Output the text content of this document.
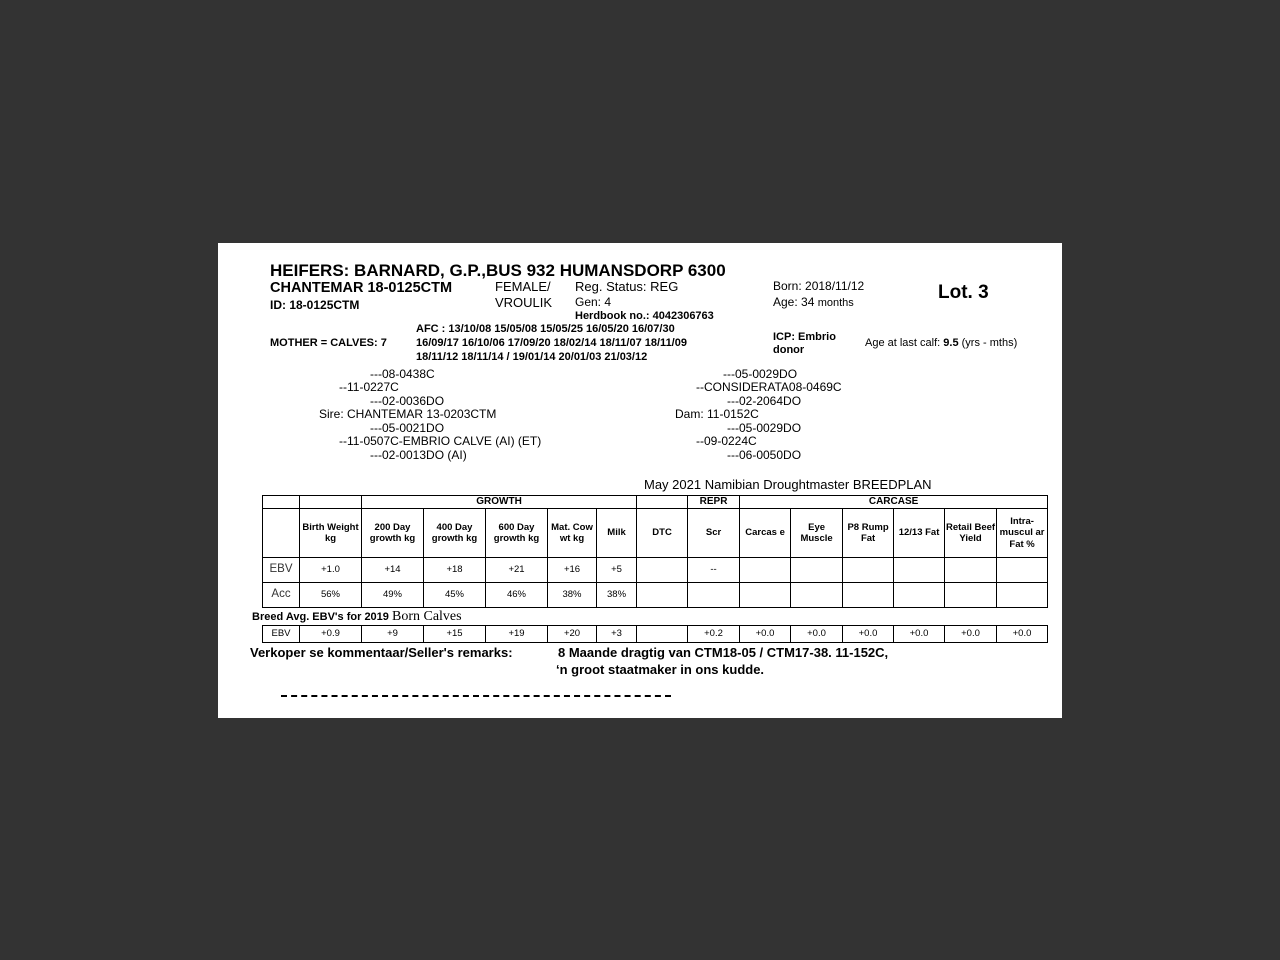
HEIFERS: BARNARD, G.P.,BUS 932 HUMANSDORP 6300
CHANTEMAR 18-0125CTM
ID: 18-0125CTM
FEMALE/
VROULIK
Reg. Status: REG
Gen: 4
Herdbook no.: 4042306763
Born: 2018/11/12
Age: 34 months	Lot. 3
AFC : 13/10/08 15/05/08 15/05/25 16/05/20 16/07/30
MOTHER = CALVES: 7	16/09/17 16/10/06 17/09/20 18/02/14 18/11/07 18/11/09
18/11/12 18/11/14 / 19/01/14 20/01/03 21/03/12
ICP: Embrio
donor
Age at last calf: 9.5 (yrs - mths)
---08-0438C
--11-0227C
---02-0036DO
Sire: CHANTEMAR 13-0203CTM
---05-0021DO
--11-0507C-EMBRIO CALVE (AI) (ET)
---02-0013DO (AI)
---05-0029DO
--CONSIDERATA08-0469C
---02-2064DO
Dam: 11-0152C
---05-0029DO
--09-0224C
---06-0050DO
May 2021 Namibian Droughtmaster BREEDPLAN
		GROWTH						REPR	CARCASE					
	Birth Weight kg	200 Day growth kg	400 Day growth kg	600 Day growth kg	Mat. Cow wt kg	Milk	DTC	Scr	Carcas e	Eye Muscle	P8 Rump Fat	12/13 Fat	Retail Beef Yield	Intra- muscul ar Fat %
EBV	+1.0	+14	+18	+21	+16	+5		--						
Acc	56%	49%	45%	46%	38%	38%								
Breed Avg. EBV's for 2019 Born Calves
EBV	+0.9	+9	+15	+19	+20	+3		+0.2	+0.0	+0.0	+0.0	+0.0	+0.0	+0.0
Verkoper se kommentaar/Seller's remarks:	8 Maande dragtig van CTM18-05 / CTM17-38. 11-152C,
‘n groot staatmaker in ons kudde.
